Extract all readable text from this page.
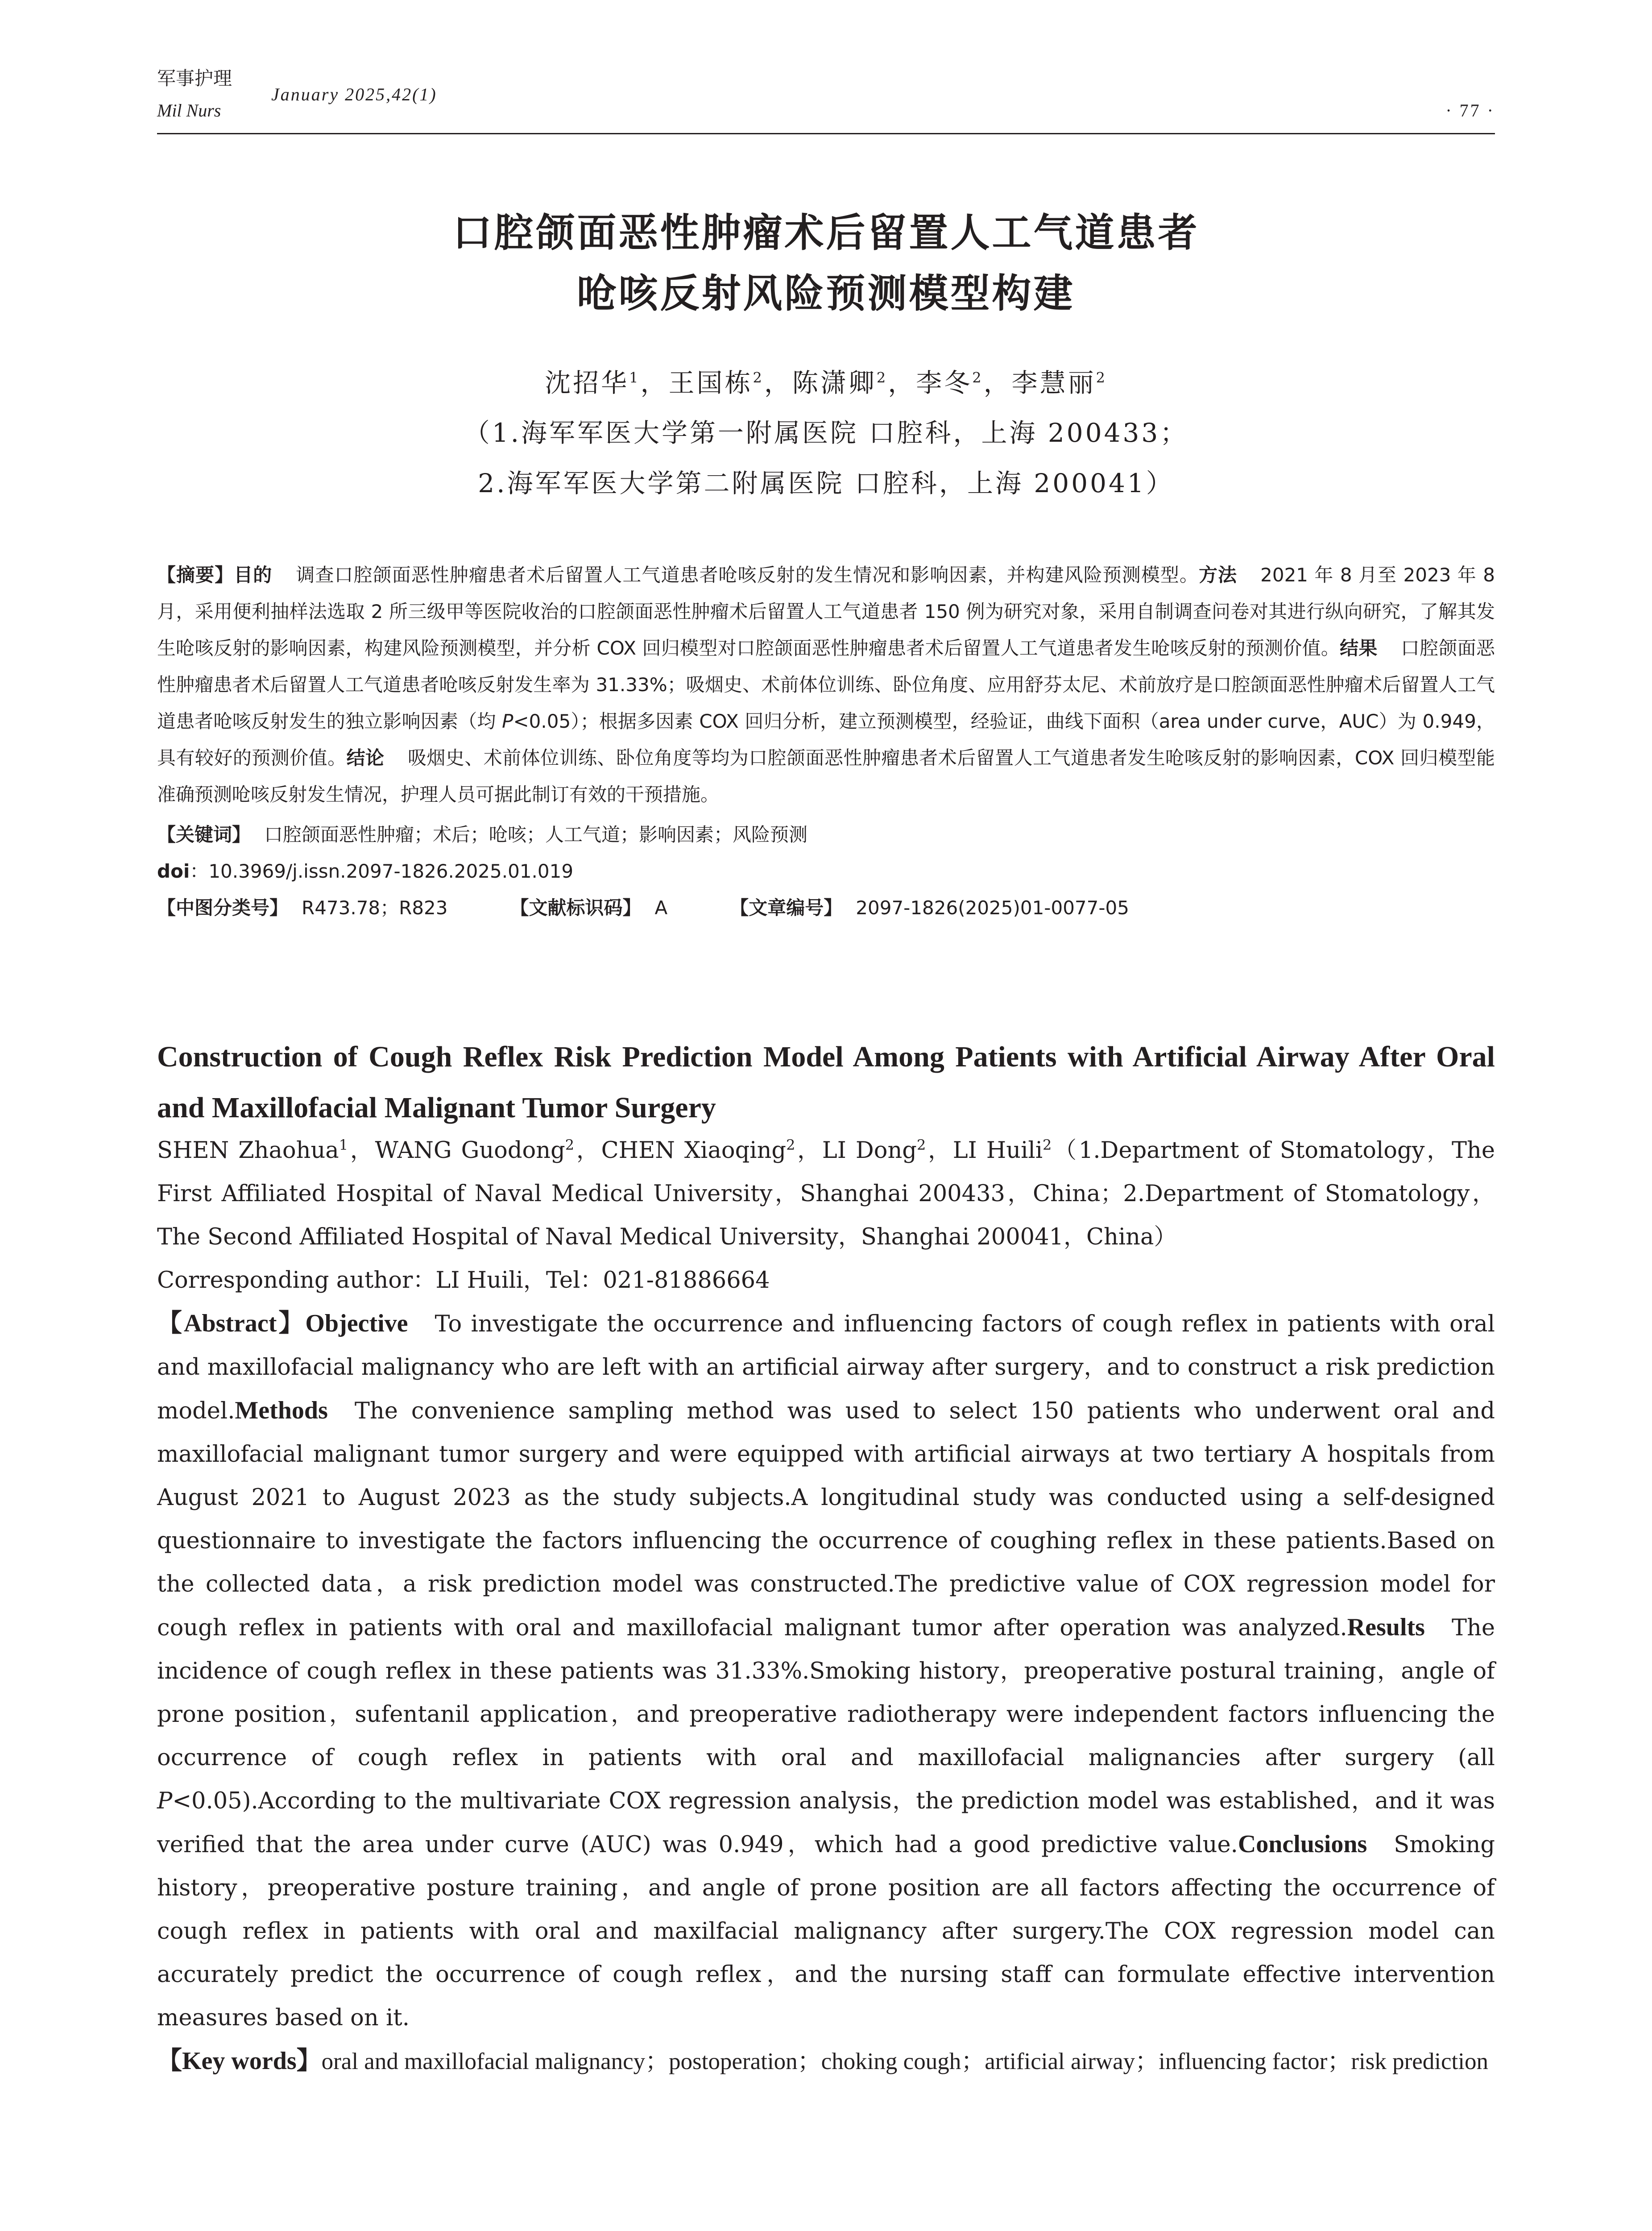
军事护理
Mil Nurs
January 2025,42(1)
· 77 ·
口腔颌面恶性肿瘤术后留置人工气道患者
呛咳反射风险预测模型构建
沈招华$^1$，王国栋$^2$，陈潇卿$^2$，李冬$^2$，李慧丽$^2$
（1.海军军医大学第一附属医院 口腔科，上海 200433；
2.海军军医大学第二附属医院 口腔科，上海 200041）

【摘要】目的 调查口腔颌面恶性肿瘤患者术后留置人工气道患者呛咳反射的发生情况和影响因素，并构建风险预测模型。方法 2021 年 8 月至 2023 年 8 月，采用便利抽样法选取 2 所三级甲等医院收治的口腔颌面恶性肿瘤术后留置人工气道患者 150 例为研究对象，采用自制调查问卷对其进行纵向研究，了解其发生呛咳反射的影响因素，构建风险预测模型，并分析 COX 回归模型对口腔颌面恶性肿瘤患者术后留置人工气道患者发生呛咳反射的预测价值。结果 口腔颌面恶性肿瘤患者术后留置人工气道患者呛咳反射发生率为 31.33%；吸烟史、术前体位训练、卧位角度、应用舒芬太尼、术前放疗是口腔颌面恶性肿瘤术后留置人工气道患者呛咳反射发生的独立影响因素（均 P<0.05）；根据多因素 COX 回归分析，建立预测模型，经验证，曲线下面积（area under curve，AUC）为 0.949，具有较好的预测价值。结论 吸烟史、术前体位训练、卧位角度等均为口腔颌面恶性肿瘤患者术后留置人工气道患者发生呛咳反射的影响因素，COX 回归模型能准确预测呛咳反射发生情况，护理人员可据此制订有效的干预措施。

【关键词】 口腔颌面恶性肿瘤；术后；呛咳；人工气道；影响因素；风险预测

doi：10.3969/j.issn.2097-1826.2025.01.019

【中图分类号】 R473.78；R823	【文献标识码】 A	【文章编号】 2097-1826(2025)01-0077-05

Construction of Cough Reflex Risk Prediction Model Among Patients with Artificial Airway After Oral and Maxillofacial Malignant Tumor Surgery
SHEN Zhaohua$^1$，WANG Guodong$^2$，CHEN Xiaoqing$^2$，LI Dong$^2$，LI Huili$^2$（1.Department of Stomatology，The First Affiliated Hospital of Naval Medical University，Shanghai 200433，China；2.Department of Stomatology，The Second Affiliated Hospital of Naval Medical University，Shanghai 200041，China）
Corresponding author：LI Huili，Tel：021-81886664

【Abstract】Objective To investigate the occurrence and influencing factors of cough reflex in patients with oral and maxillofacial malignancy who are left with an artificial airway after surgery，and to construct a risk prediction model.Methods The convenience sampling method was used to select 150 patients who underwent oral and maxillofacial malignant tumor surgery and were equipped with artificial airways at two tertiary A hospitals from August 2021 to August 2023 as the study subjects.A longitudinal study was conducted using a self-designed questionnaire to investigate the factors influencing the occurrence of coughing reflex in these patients.Based on the collected data，a risk prediction model was constructed.The predictive value of COX regression model for cough reflex in patients with oral and maxillofacial malignant tumor after operation was analyzed.Results The incidence of cough reflex in these patients was 31.33%.Smoking history，preoperative postural training，angle of prone position，sufentanil application，and preoperative radiotherapy were independent factors influencing the occurrence of cough reflex in patients with oral and maxillofacial malignancies after surgery (all P<0.05).According to the multivariate COX regression analysis，the prediction model was established，and it was verified that the area under curve (AUC) was 0.949，which had a good predictive value.Conclusions Smoking history，preoperative posture training，and angle of prone position are all factors affecting the occurrence of cough reflex in patients with oral and maxilfacial malignancy after surgery.The COX regression model can accurately predict the occurrence of cough reflex，and the nursing staff can formulate effective intervention measures based on it.

【Key words】oral and maxillofacial malignancy；postoperation；choking cough；artificial airway；influencing factor；risk prediction
